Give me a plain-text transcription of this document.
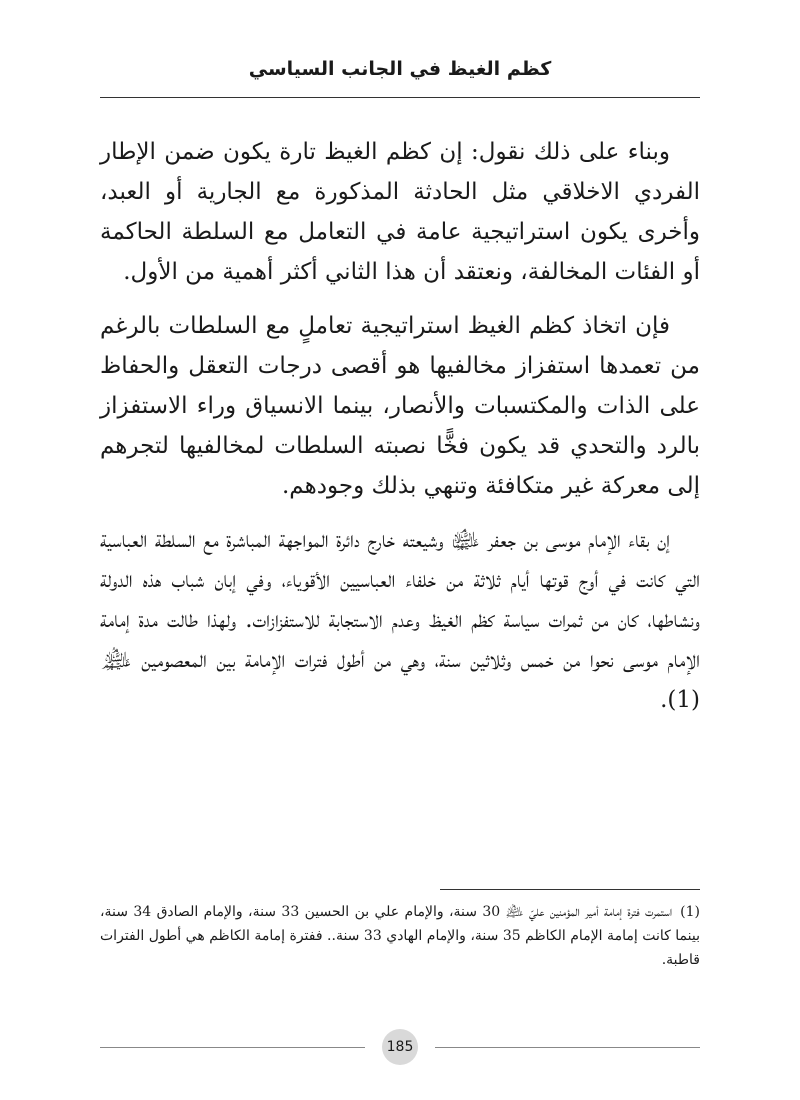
كظم الغيظ في الجانب السياسي

وبناء على ذلك نقول: إن كظم الغيظ تارة يكون ضمن الإطار الفردي الاخلاقي مثل الحادثة المذكورة مع الجارية أو العبد، وأخرى يكون استراتيجية عامة في التعامل مع السلطة الحاكمة أو الفئات المخالفة، ونعتقد أن هذا الثاني أكثر أهمية من الأول.

فإن اتخاذ كظم الغيظ استراتيجية تعاملٍ مع السلطات بالرغم من تعمدها استفزاز مخالفيها هو أقصى درجات التعقل والحفاظ على الذات والمكتسبات والأنصار، بينما الانسياق وراء الاستفزاز بالرد والتحدي قد يكون فخًّا نصبته السلطات لمخالفيها لتجرهم إلى معركة غير متكافئة وتنهي بذلك وجودهم.

إن بقاء الإمام موسى بن جعفر ﵉ وشيعته خارج دائرة المواجهة المباشرة مع السلطة العباسية التي كانت في أوج قوتها أيام ثلاثة من خلفاء العباسيين الأقوياء، وفي إبان شباب هذه الدولة ونشاطها، كان من ثمرات سياسة كظم الغيظ وعدم الاستجابة للاستفزازات. ولهذا طالت مدة إمامة الإمام موسى نحوا من خمس وثلاثين سنة، وهي من أطول فترات الإمامة بين المعصومين ﵈ (1).

(1)استمرت فترة إمامة أمير المؤمنين عليّ ﵇ 30 سنة، والإمام علي بن الحسين 33 سنة، والإمام الصادق 34 سنة، بينما كانت إمامة الإمام الكاظم 35 سنة، والإمام الهادي 33 سنة.. ففترة إمامة الكاظم هي أطول الفترات قاطبة.
185
